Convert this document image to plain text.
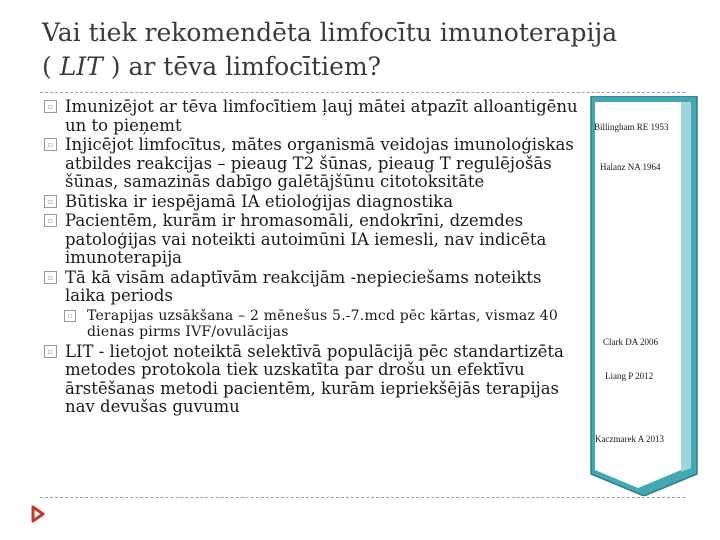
Vai tiek rekomendēta limfocītu imunoterapija
( LIT ) ar tēva limfocītiem?
▫ Imunizējot ar tēva limfocītiem ļauj mātei atpazīt alloantigēnu un to pieņemt
▫ Injicējot limfocītus, mātes organismā veidojas imunoloģiskas atbildes reakcijas – pieaug T2 šūnas, pieaug T regulējošās šūnas, samazinās dabīgo galētājšūnu citotoksitāte
▫ Būtiska ir iespējamā IA etioloģijas diagnostika
▫ Pacientēm, kurām ir hromasomāli, endokrīni, dzemdes patoloģijas vai noteikti autoimūni IA iemesli, nav indicēta imunoterapija
▫ Tā kā visām adaptīvām reakcijām -nepieciešams noteikts laika periods
▫ Terapijas uzsākšana – 2 mēnešus 5.-7.mcd pēc kārtas, vismaz 40 dienas pirms IVF/ovulācijas
▫ LIT - lietojot noteiktā selektīvā populācijā pēc standartizēta metodes protokola tiek uzskatīta par drošu un efektīvu ārstēšanas metodi pacientēm, kurām iepriekšējās terapijas nav devušas guvumu
Billingham RE 1953
Halanz NA 1964
Clark DA 2006
Liang P 2012
Kaczmarek A 2013
